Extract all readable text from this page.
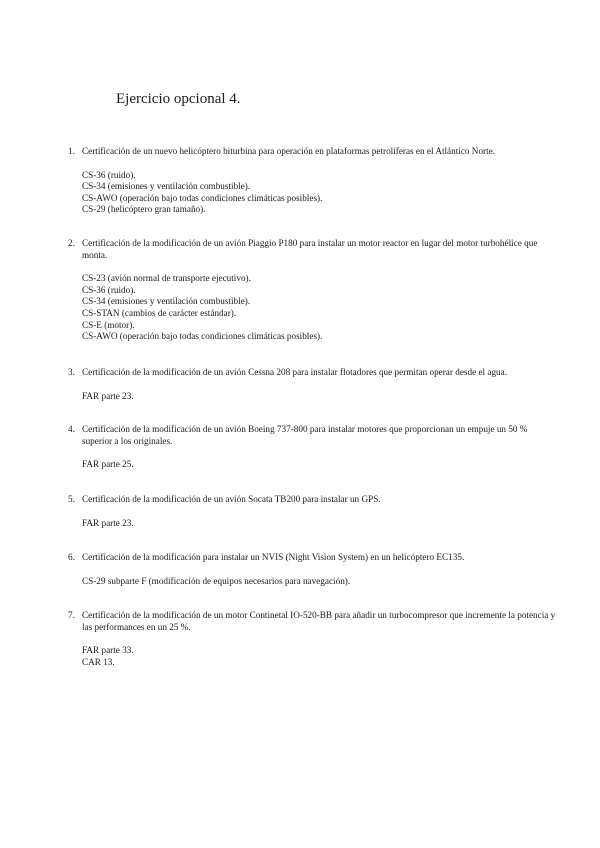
Ejercicio opcional 4.
1. Certificación de un nuevo helicóptero biturbina para operación en plataformas petrolíferas en el Atlántico Norte.
CS-36 (ruido).
CS-34 (emisiones y ventilación combustible).
CS-AWO (operación bajo todas condiciones climáticas posibles).
CS-29 (helicóptero gran tamaño).
2. Certificación de la modificación de un avión Piaggio P180 para instalar un motor reactor en lugar del motor turbohélice que monta.
CS-23 (avión normal de transporte ejecutivo).
CS-36 (ruido).
CS-34 (emisiones y ventilación combustible).
CS-STAN (cambios de carácter estándar).
CS-E (motor).
CS-AWO (operación bajo todas condiciones climáticas posibles).
3. Certificación de la modificación de un avión Cessna 208 para instalar flotadores que permitan operar desde el agua.
FAR parte 23.
4. Certificación de la modificación de un avión Boeing 737-800 para instalar motores que proporcionan un empuje un 50 % superior a los originales.
FAR parte 25.
5. Certificación de la modificación de un avión Socata TB200 para instalar un GPS.
FAR parte 23.
6. Certificación de la modificación para instalar un NVIS (Night Vision System) en un helicóptero EC135.
CS-29 subparte F (modificación de equipos necesarios para navegación).
7. Certificación de la modificación de un motor Continetal IO-520-BB para añadir un turbocompresor que incremente la potencia y las performances en un 25 %.
FAR parte 33.
CAR 13.
